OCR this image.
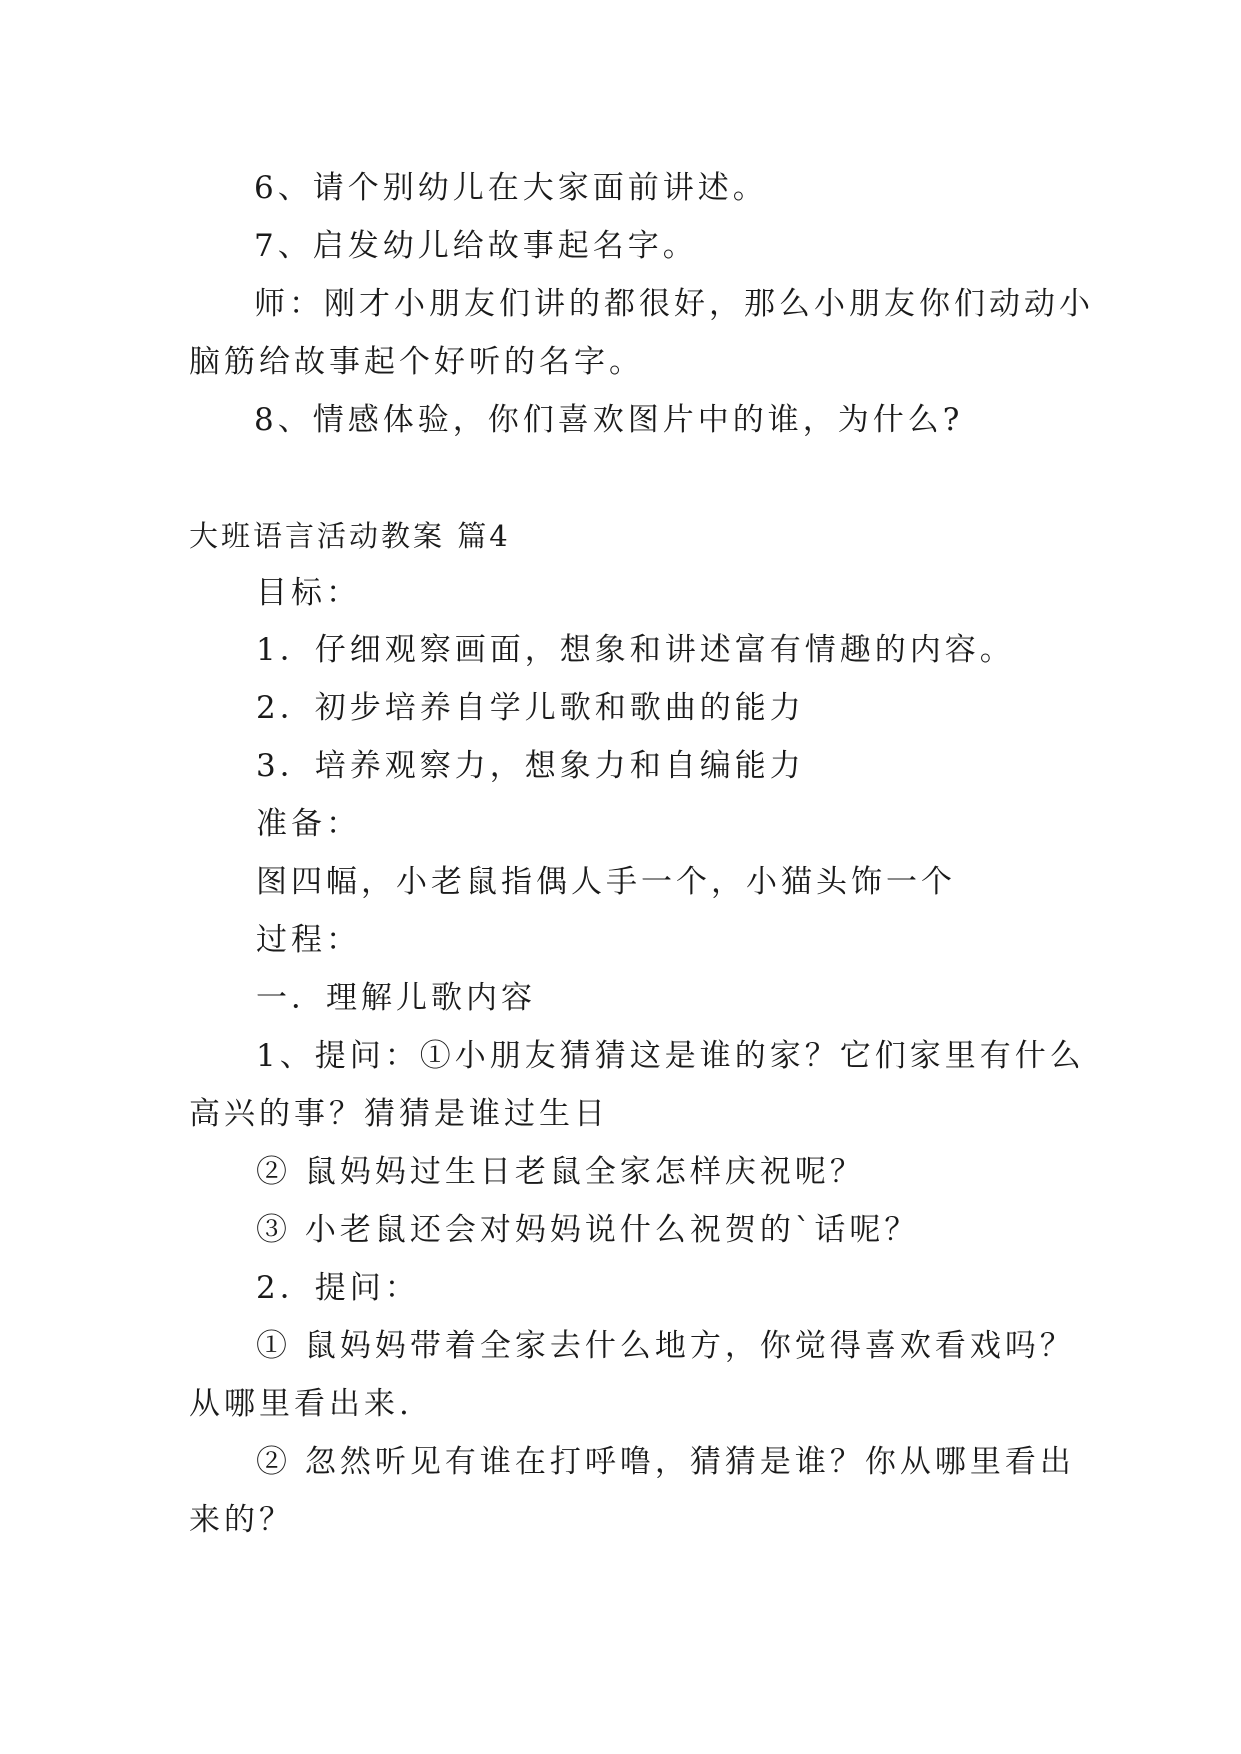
6、请个别幼儿在大家面前讲述。
7、启发幼儿给故事起名字。
师：刚才小朋友们讲的都很好，那么小朋友你们动动小
脑筋给故事起个好听的名字。
8、情感体验，你们喜欢图片中的谁，为什么?
大班语言活动教案 篇4
目标：
1．仔细观察画面，想象和讲述富有情趣的内容。
2．初步培养自学儿歌和歌曲的能力
3．培养观察力，想象力和自编能力
准备：
图四幅，小老鼠指偶人手一个，小猫头饰一个
过程：
一．理解儿歌内容
1、提问：①小朋友猜猜这是谁的家？它们家里有什么
高兴的事？猜猜是谁过生日
② 鼠妈妈过生日老鼠全家怎样庆祝呢？
③ 小老鼠还会对妈妈说什么祝贺的`话呢？
2．提问：
① 鼠妈妈带着全家去什么地方，你觉得喜欢看戏吗？
从哪里看出来.
② 忽然听见有谁在打呼噜，猜猜是谁？你从哪里看出
来的？
